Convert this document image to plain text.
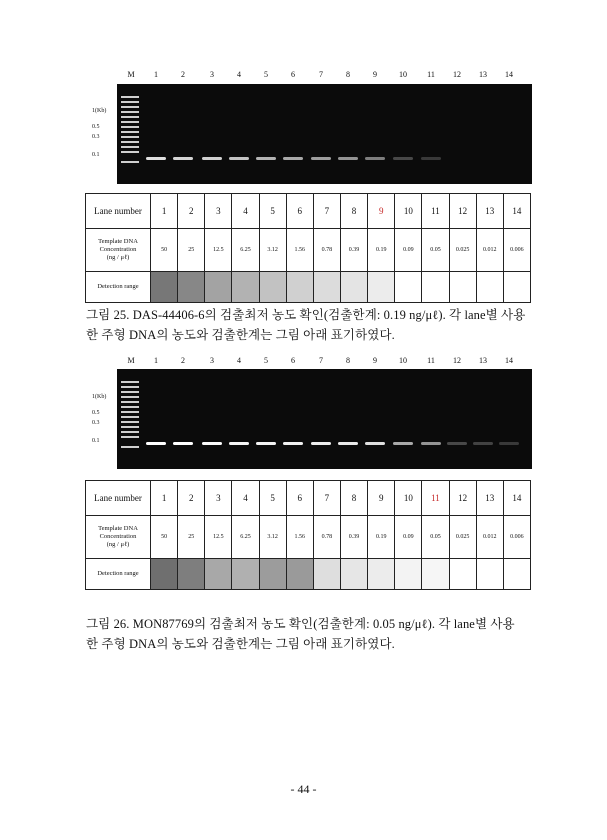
M 1	2	3	4	5	6	7	8	9	10	11 12 13 14
1(Kb)
0.5
0.3
0.1
Lane number	1	2	3	4	5	6	7	8	9	10	11	12	13	14
Template DNA
Concentration
(ng / μℓ)	50	25	12.5	6.25	3.12	1.56	0.78	0.39	0.19	0.09	0.05	0.025	0.012	0.006
Detection range														
그림 25. DAS-44406-6의 검출최저 농도 확인(검출한계: 0.19 ng/μℓ). 각 lane별 사용한 주형 DNA의 농도와 검출한계는 그림 아래 표기하였다.
M 1	2	3	4	5	6	7	8	9	10	11 12 13 14
1(Kb)
0.5
0.3
0.1
Lane number	1	2	3	4	5	6	7	8	9	10	11	12	13	14
Template DNA
Concentration
(ng / μℓ)	50	25	12.5	6.25	3.12	1.56	0.78	0.39	0.19	0.09	0.05	0.025	0.012	0.006
Detection range														
그림 26. MON87769의 검출최저 농도 확인(검출한계: 0.05 ng/μℓ). 각 lane별 사용한 주형 DNA의 농도와 검출한계는 그림 아래 표기하였다.
- 44 -
